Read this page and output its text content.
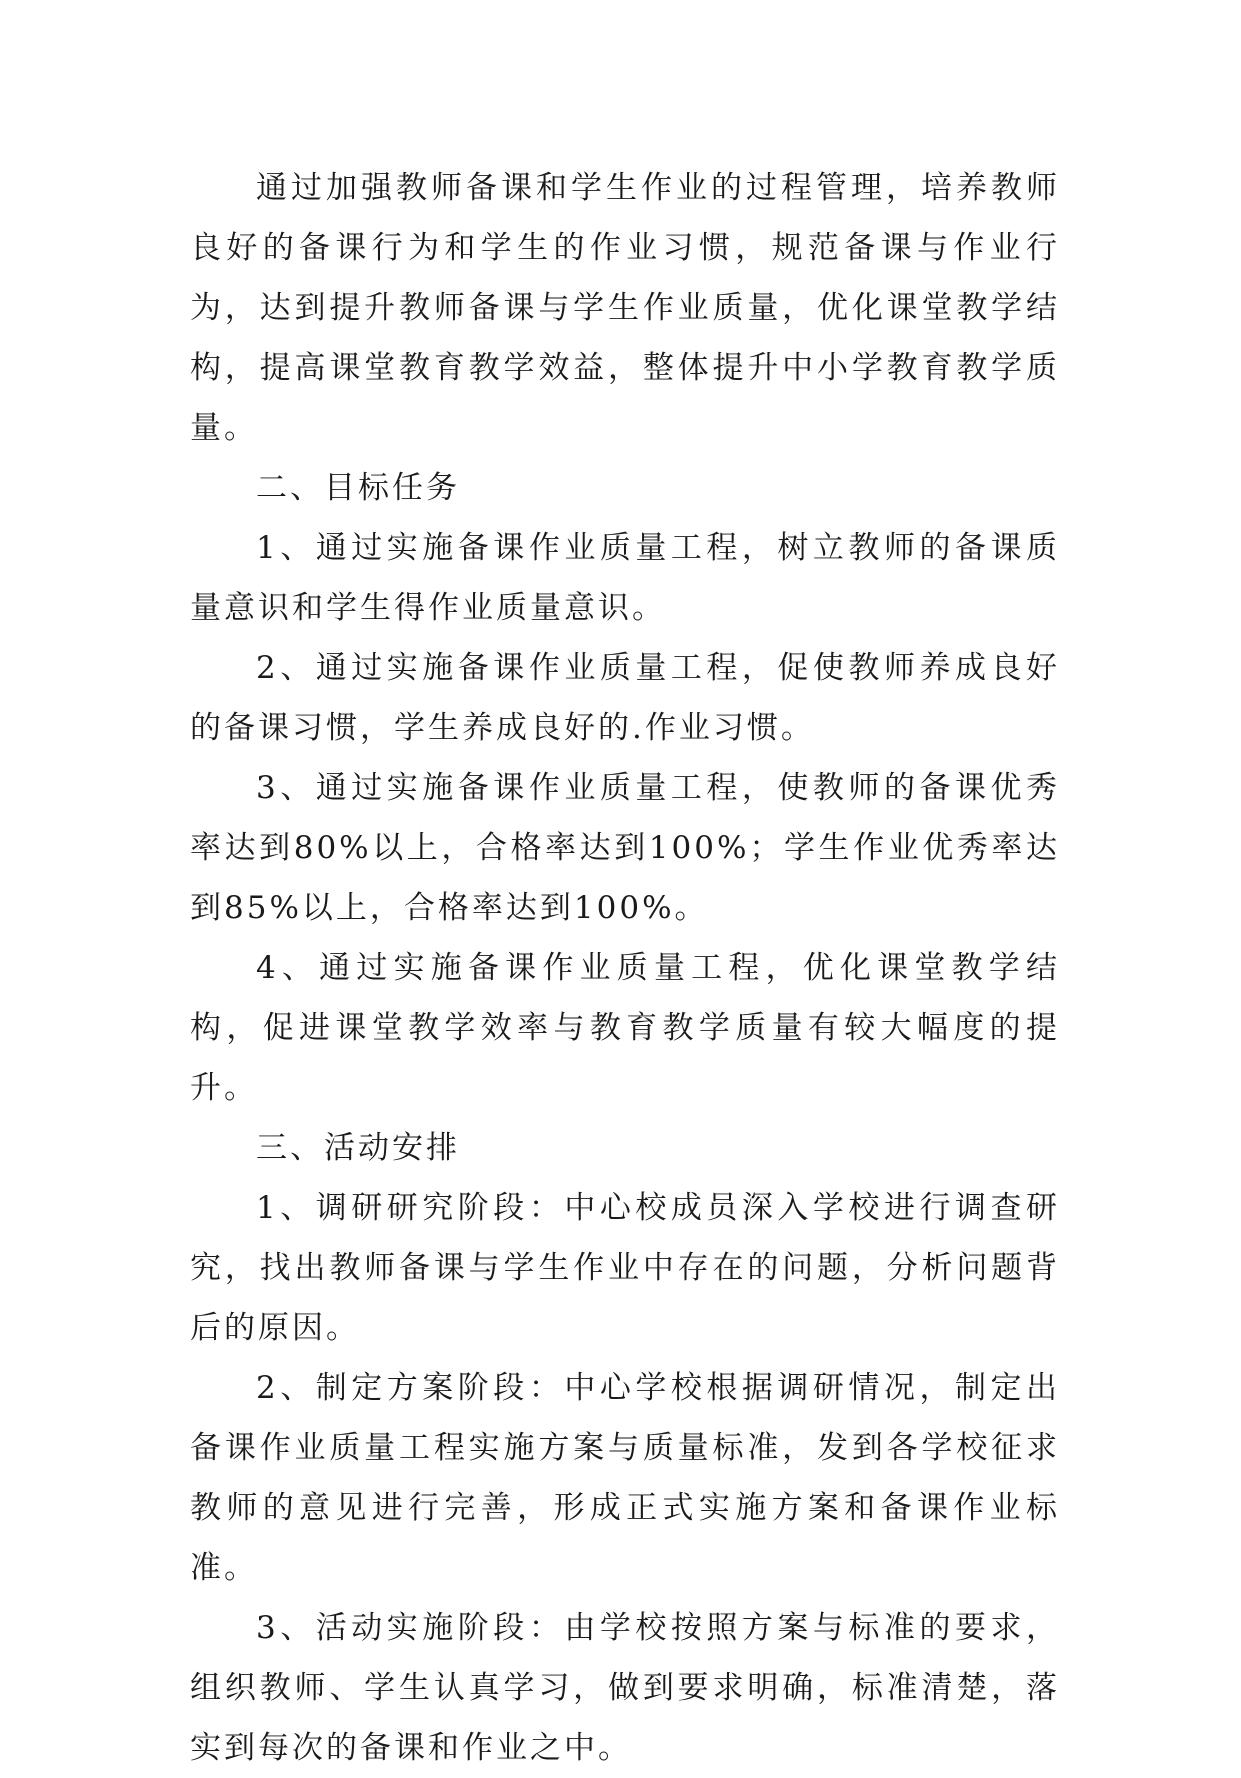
通过加强教师备课和学生作业的过程管理，培养教师良好的备课行为和学生的作业习惯，规范备课与作业行为，达到提升教师备课与学生作业质量，优化课堂教学结构，提高课堂教育教学效益，整体提升中小学教育教学质量。

二、目标任务

1、通过实施备课作业质量工程，树立教师的备课质量意识和学生得作业质量意识。

2、通过实施备课作业质量工程，促使教师养成良好的备课习惯，学生养成良好的.作业习惯。

3、通过实施备课作业质量工程，使教师的备课优秀率达到80%以上，合格率达到100%；学生作业优秀率达到85%以上，合格率达到100%。

4、通过实施备课作业质量工程，优化课堂教学结构，促进课堂教学效率与教育教学质量有较大幅度的提升。

三、活动安排

1、调研研究阶段：中心校成员深入学校进行调查研究，找出教师备课与学生作业中存在的问题，分析问题背后的原因。

2、制定方案阶段：中心学校根据调研情况，制定出备课作业质量工程实施方案与质量标准，发到各学校征求教师的意见进行完善，形成正式实施方案和备课作业标准。

3、活动实施阶段：由学校按照方案与标准的要求，组织教师、学生认真学习，做到要求明确，标准清楚，落实到每次的备课和作业之中。
